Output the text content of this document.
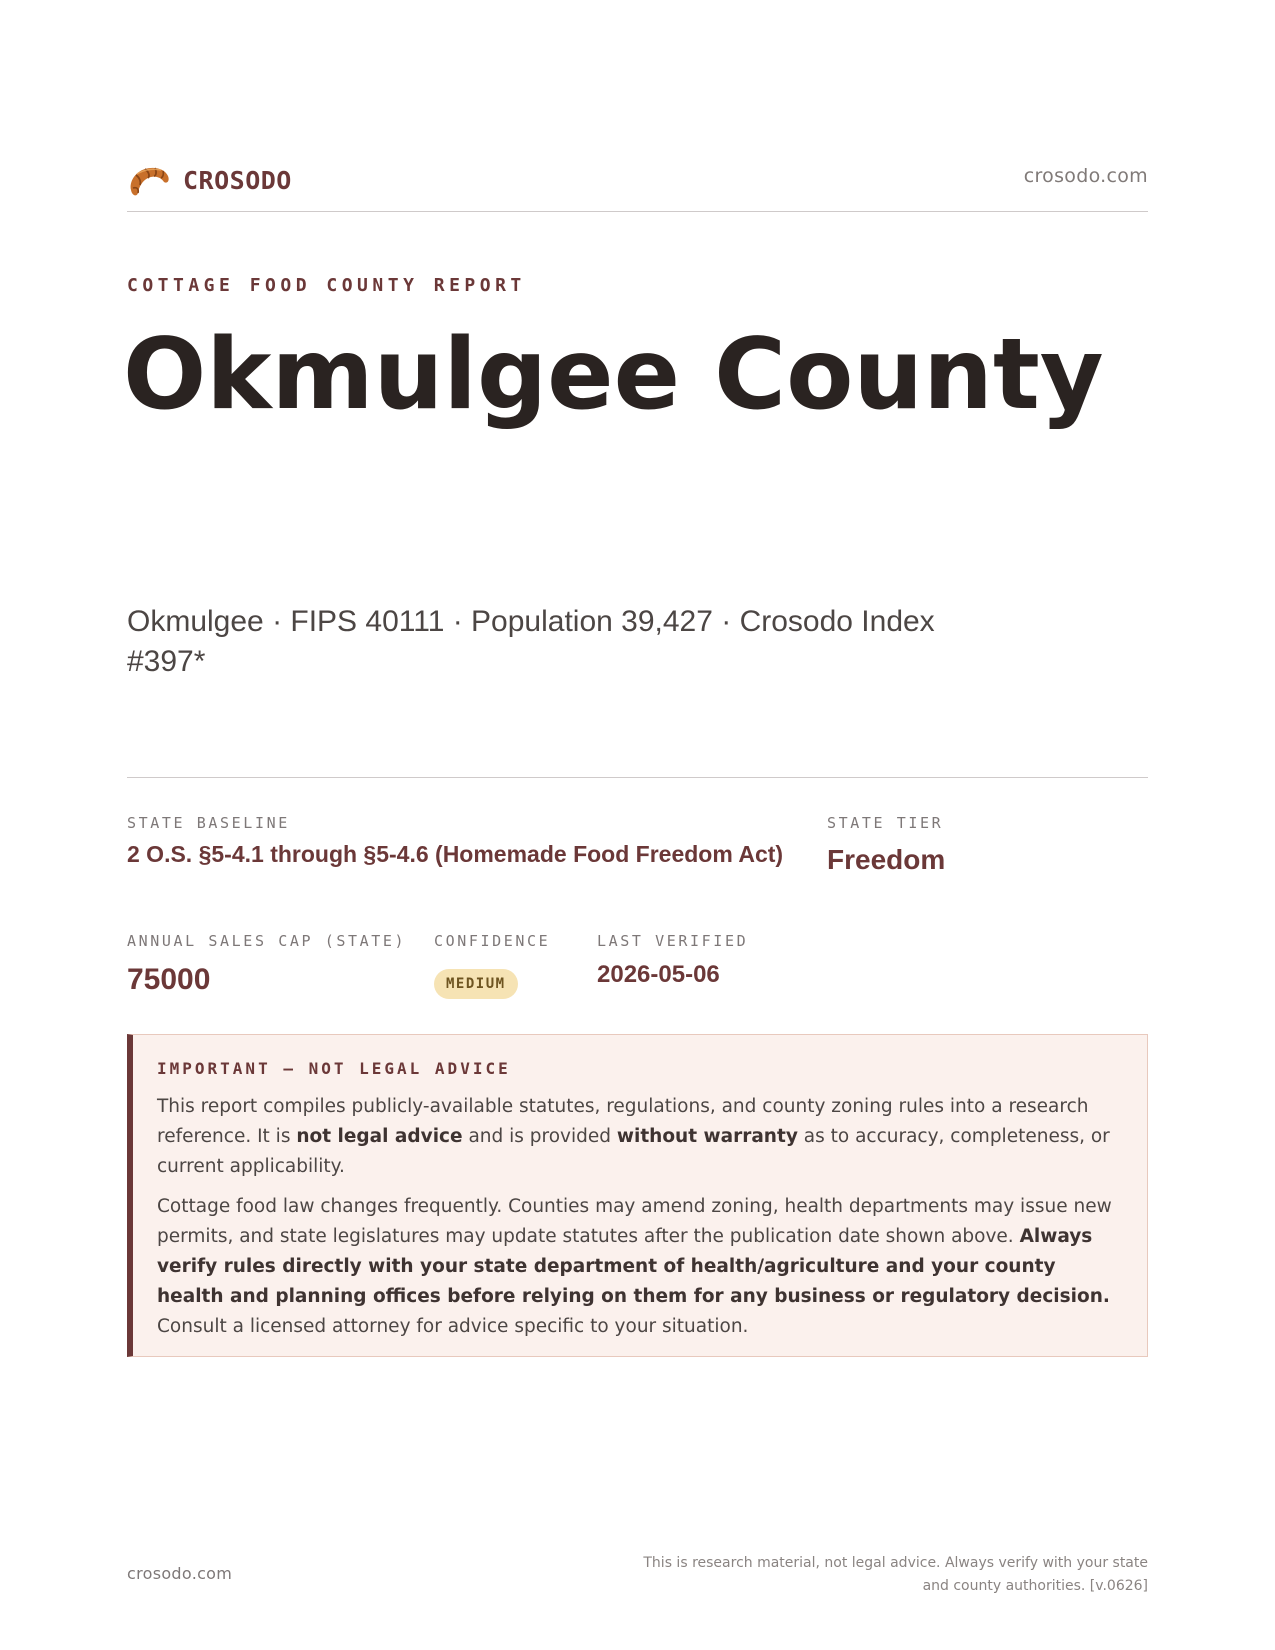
CROSODO	crosodo.com
COTTAGE FOOD COUNTY REPORT
Okmulgee County
Okmulgee · FIPS 40111 · Population 39,427 · Crosodo Index #397*
STATE BASELINE
2 O.S. §5-4.1 through §5-4.6 (Homemade Food Freedom Act)
STATE TIER
Freedom
ANNUAL SALES CAP (STATE)
75000
CONFIDENCE
MEDIUM
LAST VERIFIED
2026-05-06
IMPORTANT — NOT LEGAL ADVICE

This report compiles publicly-available statutes, regulations, and county zoning rules into a research reference. It is not legal advice and is provided without warranty as to accuracy, completeness, or current applicability.

Cottage food law changes frequently. Counties may amend zoning, health departments may issue new permits, and state legislatures may update statutes after the publication date shown above. Always verify rules directly with your state department of health/agriculture and your county health and planning offices before relying on them for any business or regulatory decision. Consult a licensed attorney for advice specific to your situation.

crosodo.com
This is research material, not legal advice. Always verify with your state and county authorities. [v.0626]
